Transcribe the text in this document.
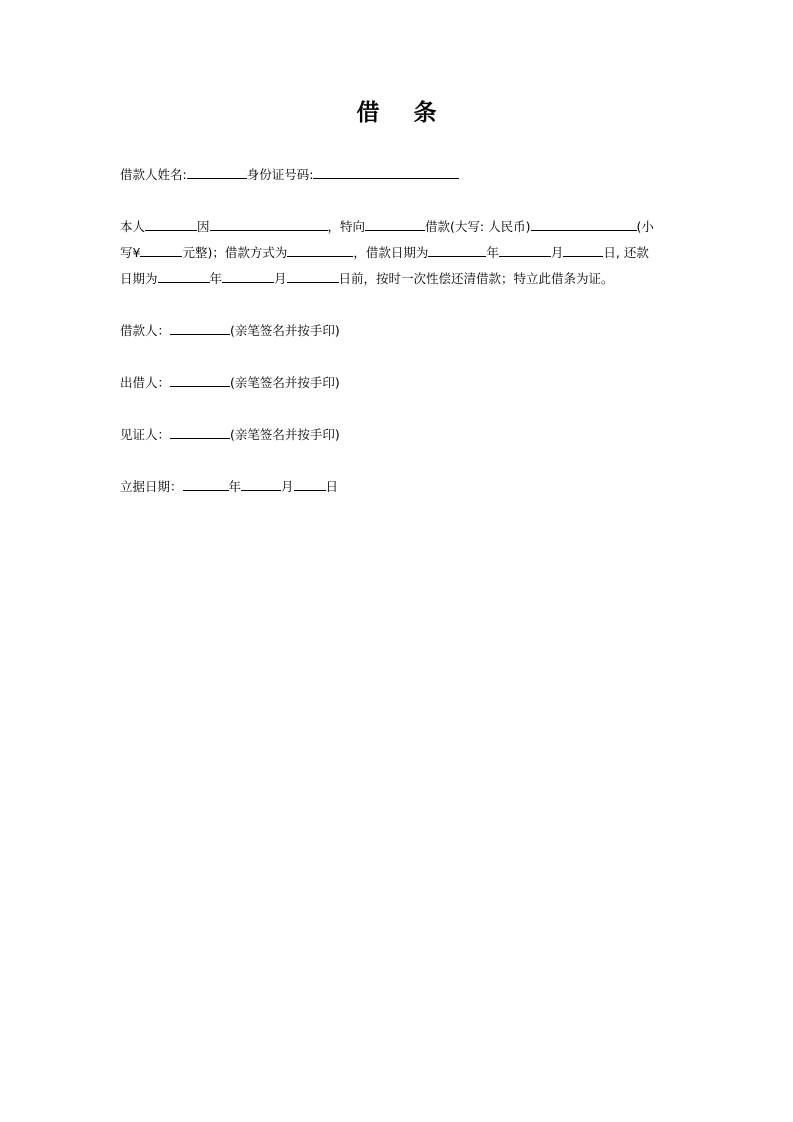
借 条
借款人姓名:	身份证号码:
本人	因	，特向	借款(大写: 人民币)	(小
写¥	元整)；借款方式为	，借款日期为	年	月	日, 还款
日期为	年	月	日前，按时一次性偿还清借款；特立此借条为证。
借款人：	(亲笔签名并按手印)
出借人：	(亲笔签名并按手印)
见证人：	(亲笔签名并按手印)
立据日期：	年	月	日
